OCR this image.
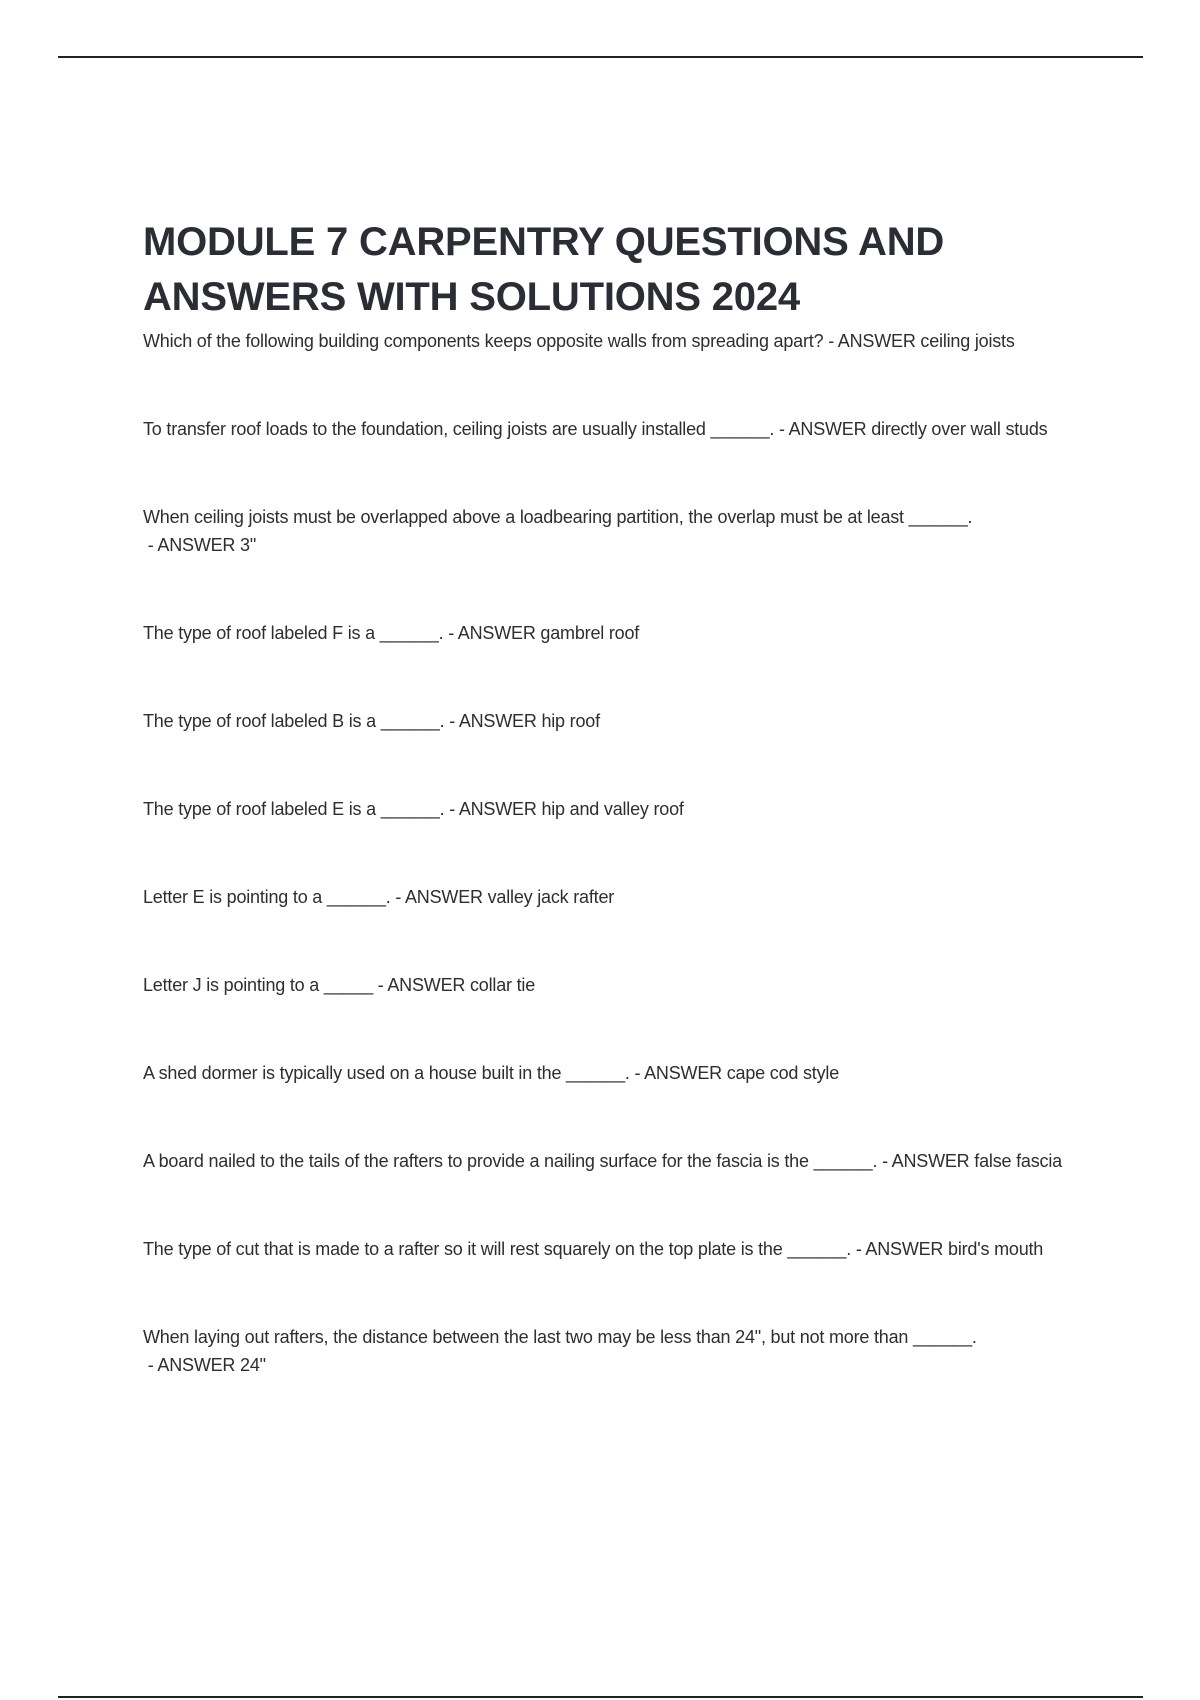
MODULE 7 CARPENTRY QUESTIONS AND ANSWERS WITH SOLUTIONS 2024
Which of the following building components keeps opposite walls from spreading apart? - ANSWER ceiling joists
To transfer roof loads to the foundation, ceiling joists are usually installed ______. - ANSWER directly over wall studs
When ceiling joists must be overlapped above a loadbearing partition, the overlap must be at least ______. - ANSWER 3"
The type of roof labeled F is a ______. - ANSWER gambrel roof
The type of roof labeled B is a ______. - ANSWER hip roof
The type of roof labeled E is a ______. - ANSWER hip and valley roof
Letter E is pointing to a ______. - ANSWER valley jack rafter
Letter J is pointing to a _____ - ANSWER collar tie
A shed dormer is typically used on a house built in the ______. - ANSWER cape cod style
A board nailed to the tails of the rafters to provide a nailing surface for the fascia is the ______. - ANSWER false fascia
The type of cut that is made to a rafter so it will rest squarely on the top plate is the ______. - ANSWER bird's mouth
When laying out rafters, the distance between the last two may be less than 24", but not more than ______. - ANSWER 24"
